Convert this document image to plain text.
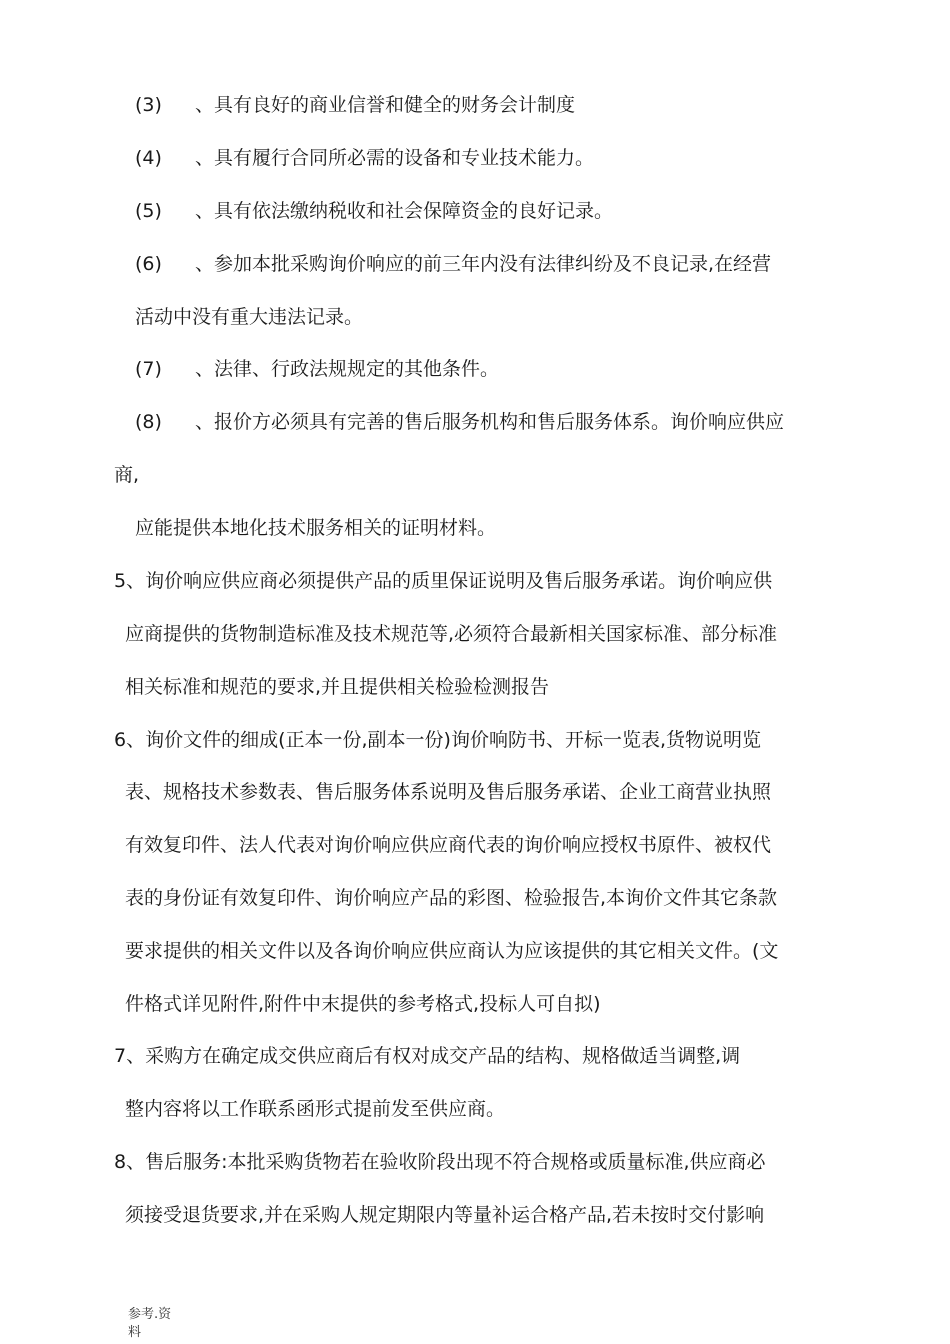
(3) 、具有良好的商业信誉和健全的财务会计制度
(4) 、具有履行合同所必需的设备和专业技术能力。
(5) 、具有依法缴纳税收和社会保障资金的良好记录。
(6) 、参加本批采购询价响应的前三年内没有法律纠纷及不良记录,在经营
活动中没有重大违法记录。
(7) 、法律、行政法规规定的其他条件。
(8) 、报价方必须具有完善的售后服务机构和售后服务体系。询价响应供应
商,
应能提供本地化技术服务相关的证明材料。
5、询价响应供应商必须提供产品的质里保证说明及售后服务承诺。询价响应供
应商提供的货物制造标准及技术规范等,必须符合最新相关国家标准、部分标准
相关标准和规范的要求,并且提供相关检验检测报告
6、询价文件的细成(正本一份,副本一份)询价响防书、开标一览表,货物说明览
表、规格技术参数表、售后服务体系说明及售后服务承诺、企业工商营业执照
有效复印件、法人代表对询价响应供应商代表的询价响应授权书原件、被权代
表的身份证有效复印件、询价响应产品的彩图、检验报告,本询价文件其它条款
要求提供的相关文件以及各询价响应供应商认为应该提供的其它相关文件。(文
件格式详见附件,附件中末提供的参考格式,投标人可自拟)
7、采购方在确定成交供应商后有权对成交产品的结构、规格做适当调整,调
整内容将以工作联系函形式提前发至供应商。
8、售后服务:本批采购货物若在验收阶段出现不符合规格或质量标准,供应商必
须接受退货要求,并在采购人规定期限内等量补运合格产品,若未按时交付影响
参考.资
料
